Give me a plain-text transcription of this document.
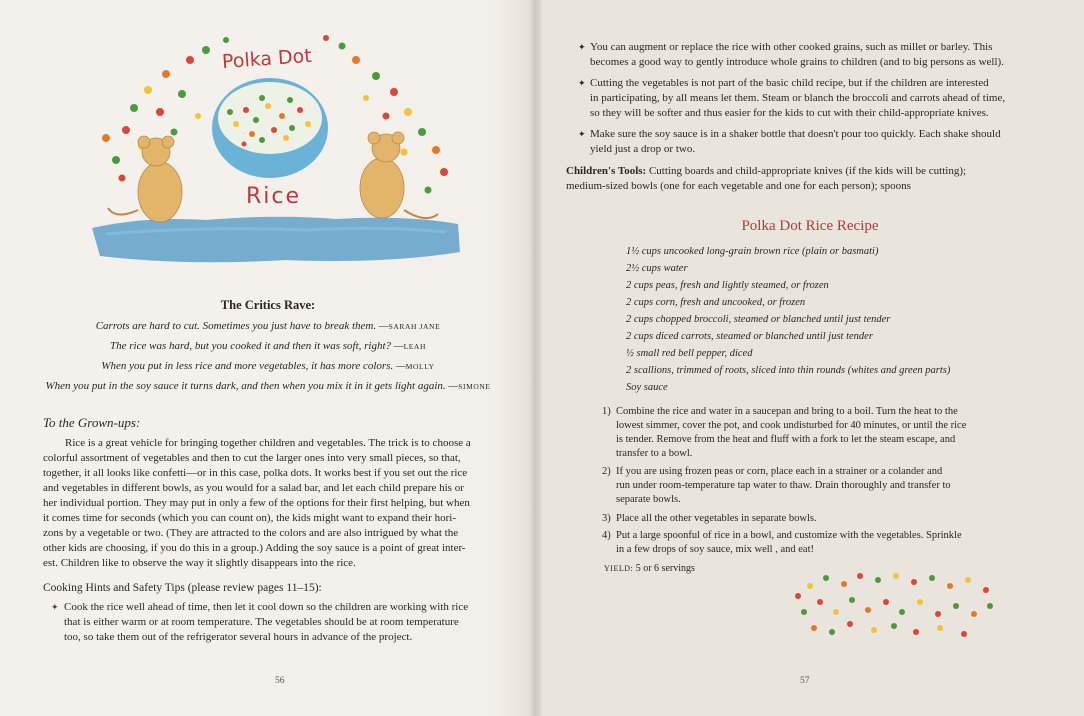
Polka Dot
Rice
The Critics Rave:
Carrots are hard to cut. Sometimes you just have to break them. —SARAH JANE
The rice was hard, but you cooked it and then it was soft, right? —LEAH
When you put in less rice and more vegetables, it has more colors. —MOLLY
When you put in the soy sauce it turns dark, and then when you mix it in it gets light again. —SIMONE
To the Grown-ups:
Rice is a great vehicle for bringing together children and vegetables. The trick is to choose a
colorful assortment of vegetables and then to cut the larger ones into very small pieces, so that,
together, it all looks like confetti—or in this case, polka dots. It works best if you set out the rice
and vegetables in different bowls, as you would for a salad bar, and let each child prepare his or
her individual portion. They may put in only a few of the options for their first helping, but when
it comes time for seconds (which you can count on), the kids might want to expand their hori-
zons by a vegetable or two. (They are attracted to the colors and are also intrigued by what the
other kids are choosing, if you do this in a group.) Adding the soy sauce is a point of great inter-
est. Children like to observe the way it slightly disappears into the rice.
Cooking Hints and Safety Tips (please review pages 11–15):
✦ Cook the rice well ahead of time, then let it cool down so the children are working with rice
that is either warm or at room temperature. The vegetables should be at room temperature
too, so take them out of the refrigerator several hours in advance of the project.
56
✦ You can augment or replace the rice with other cooked grains, such as millet or barley. This
becomes a good way to gently introduce whole grains to children (and to big persons as well).
✦ Cutting the vegetables is not part of the basic child recipe, but if the children are interested
in participating, by all means let them. Steam or blanch the broccoli and carrots ahead of time,
so they will be softer and thus easier for the kids to cut with their child-appropriate knives.
✦ Make sure the soy sauce is in a shaker bottle that doesn't pour too quickly. Each shake should
yield just a drop or two.
Children's Tools: Cutting boards and child-appropriate knives (if the kids will be cutting);
medium-sized bowls (one for each vegetable and one for each person); spoons
Polka Dot Rice Recipe
1½ cups uncooked long-grain brown rice (plain or basmati)
2½ cups water
2 cups peas, fresh and lightly steamed, or frozen
2 cups corn, fresh and uncooked, or frozen
2 cups chopped broccoli, steamed or blanched until just tender
2 cups diced carrots, steamed or blanched until just tender
½ small red bell pepper, diced
2 scallions, trimmed of roots, sliced into thin rounds (whites and green parts)
Soy sauce
1) Combine the rice and water in a saucepan and bring to a boil. Turn the heat to the
lowest simmer, cover the pot, and cook undisturbed for 40 minutes, or until the rice
is tender. Remove from the heat and fluff with a fork to let the steam escape, and
transfer to a bowl.
2) If you are using frozen peas or corn, place each in a strainer or a colander and
run under room-temperature tap water to thaw. Drain thoroughly and transfer to
separate bowls.
3) Place all the other vegetables in separate bowls.
4) Put a large spoonful of rice in a bowl, and customize with the vegetables. Sprinkle
in a few drops of soy sauce, mix well , and eat!
YIELD: 5 or 6 servings
57
